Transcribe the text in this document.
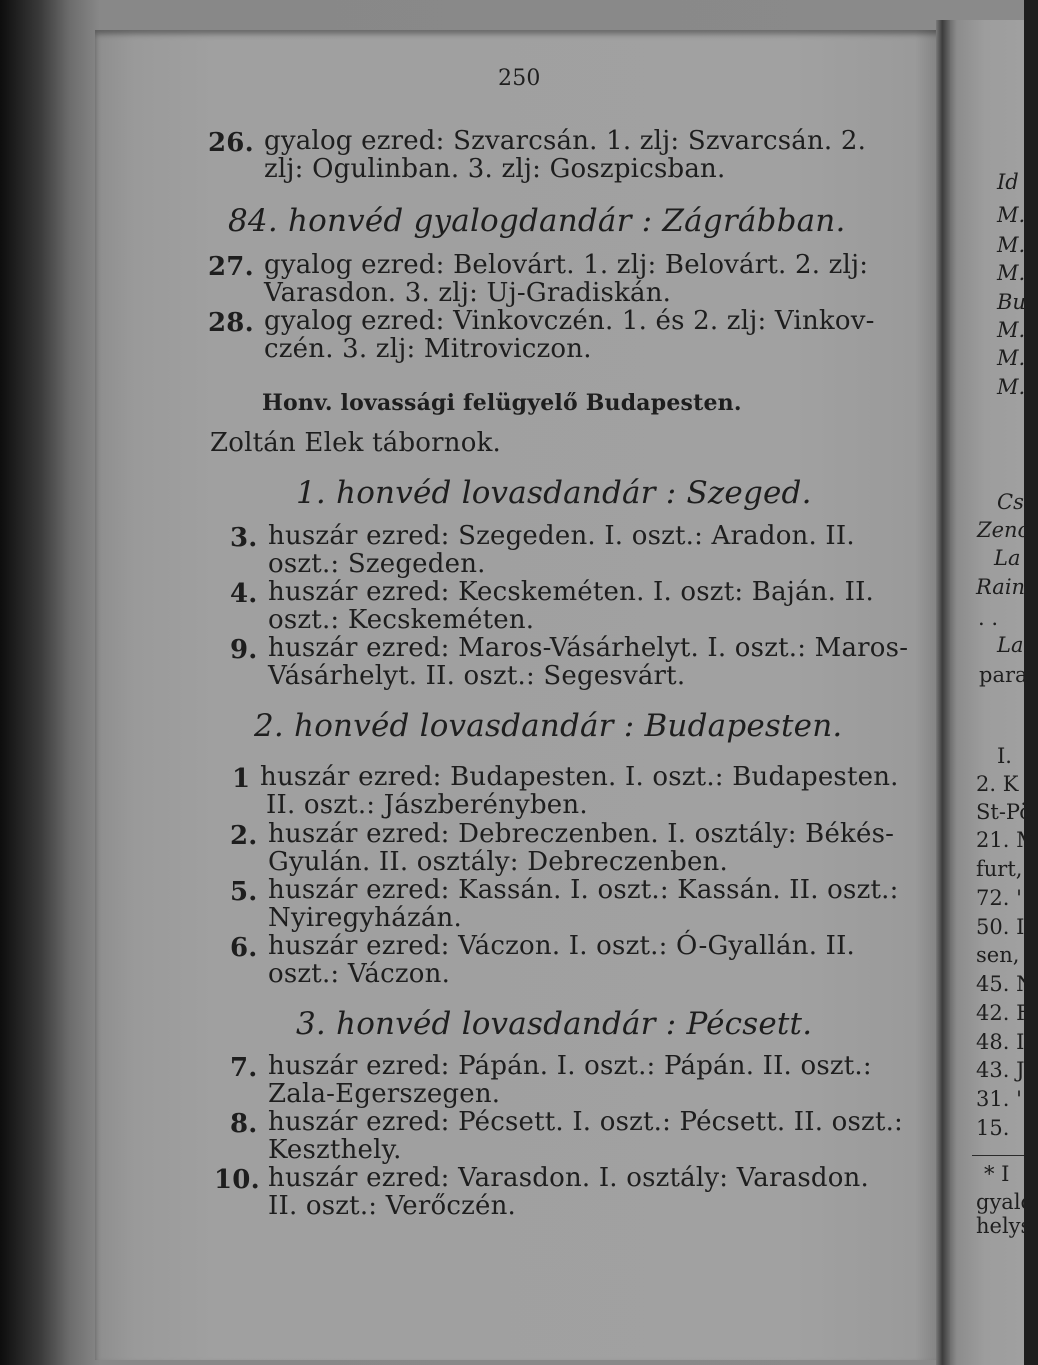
250
26. gyalog ezred: Szvarcsán. 1. zlj: Szvarcsán. 2.
zlj: Ogulinban. 3. zlj: Goszpicsban.
84. honvéd gyalogdandár : Zágrábban.
27. gyalog ezred: Belovárt. 1. zlj: Belovárt. 2. zlj:
Varasdon. 3. zlj: Uj-Gradiskán.
28. gyalog ezred: Vinkovczén. 1. és 2. zlj: Vinkov-
czén. 3. zlj: Mitroviczon.
Honv. lovassági felügyelő Budapesten.
Zoltán Elek tábornok.
1. honvéd lovasdandár : Szeged.
3. huszár ezred: Szegeden. I. oszt.: Aradon. II.
oszt.: Szegeden.
4. huszár ezred: Kecskeméten. I. oszt: Baján. II.
oszt.: Kecskeméten.
9. huszár ezred: Maros-Vásárhelyt. I. oszt.: Maros-
Vásárhelyt. II. oszt.: Segesvárt.
2. honvéd lovasdandár : Budapesten.
1 huszár ezred: Budapesten. I. oszt.: Budapesten.
II. oszt.: Jászberényben.
2. huszár ezred: Debreczenben. I. osztály: Békés-
Gyulán. II. osztály: Debreczenben.
5. huszár ezred: Kassán. I. oszt.: Kassán. II. oszt.:
Nyiregyházán.
6. huszár ezred: Váczon. I. oszt.: Ó-Gyallán. II.
oszt.: Váczon.
3. honvéd lovasdandár : Pécsett.
7. huszár ezred: Pápán. I. oszt.: Pápán. II. oszt.:
Zala-Egerszegen.
8. huszár ezred: Pécsett. I. oszt.: Pécsett. II. oszt.:
Keszthely.
10. huszár ezred: Varasdon. I. osztály: Varasdon.
II. oszt.: Verőczén.
Id
M.
M.
M.
Bu
M.
M.
M.
Cs.
Zenó
La
Rain
. .
La
para
I.
2. K
St-Pö
21. M
furt,
72. '
50. I
sen,
45. N
42. F
48. I
43. J
31. '
15.
* I
gyalo
helys
